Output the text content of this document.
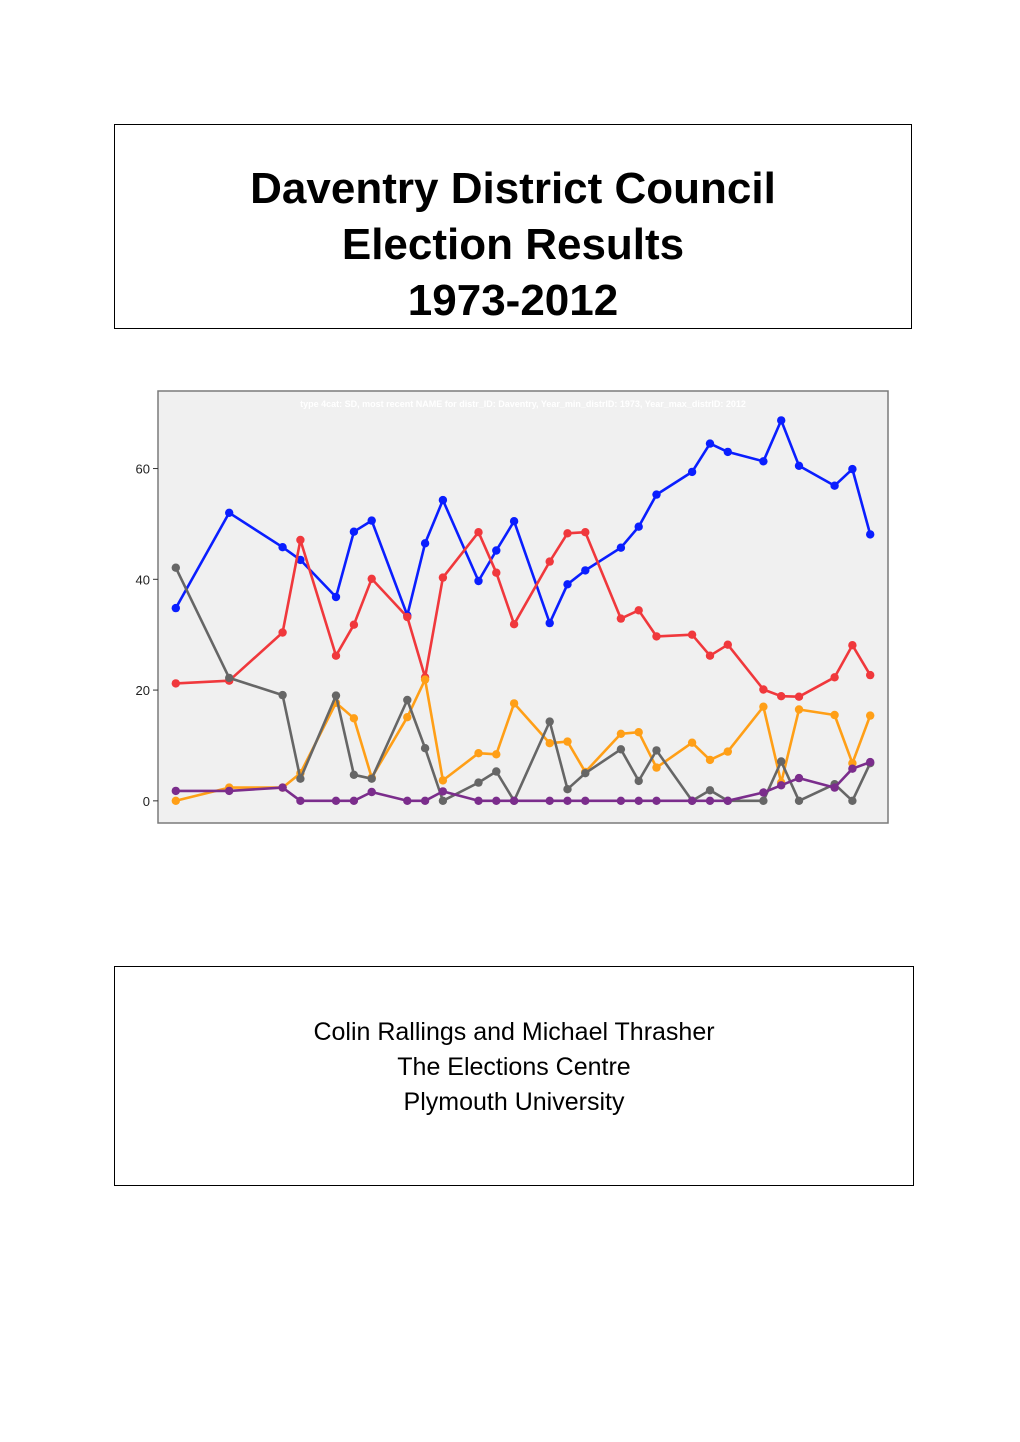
Daventry District Council
Election Results
1973-2012
type 4cat: SD, most recent NAME for distr_ID: Daventry, Year_min_distrID: 1973, Year_max_distrID: 2012
0
20
40
60
Colin Rallings and Michael Thrasher
The Elections Centre
Plymouth University
